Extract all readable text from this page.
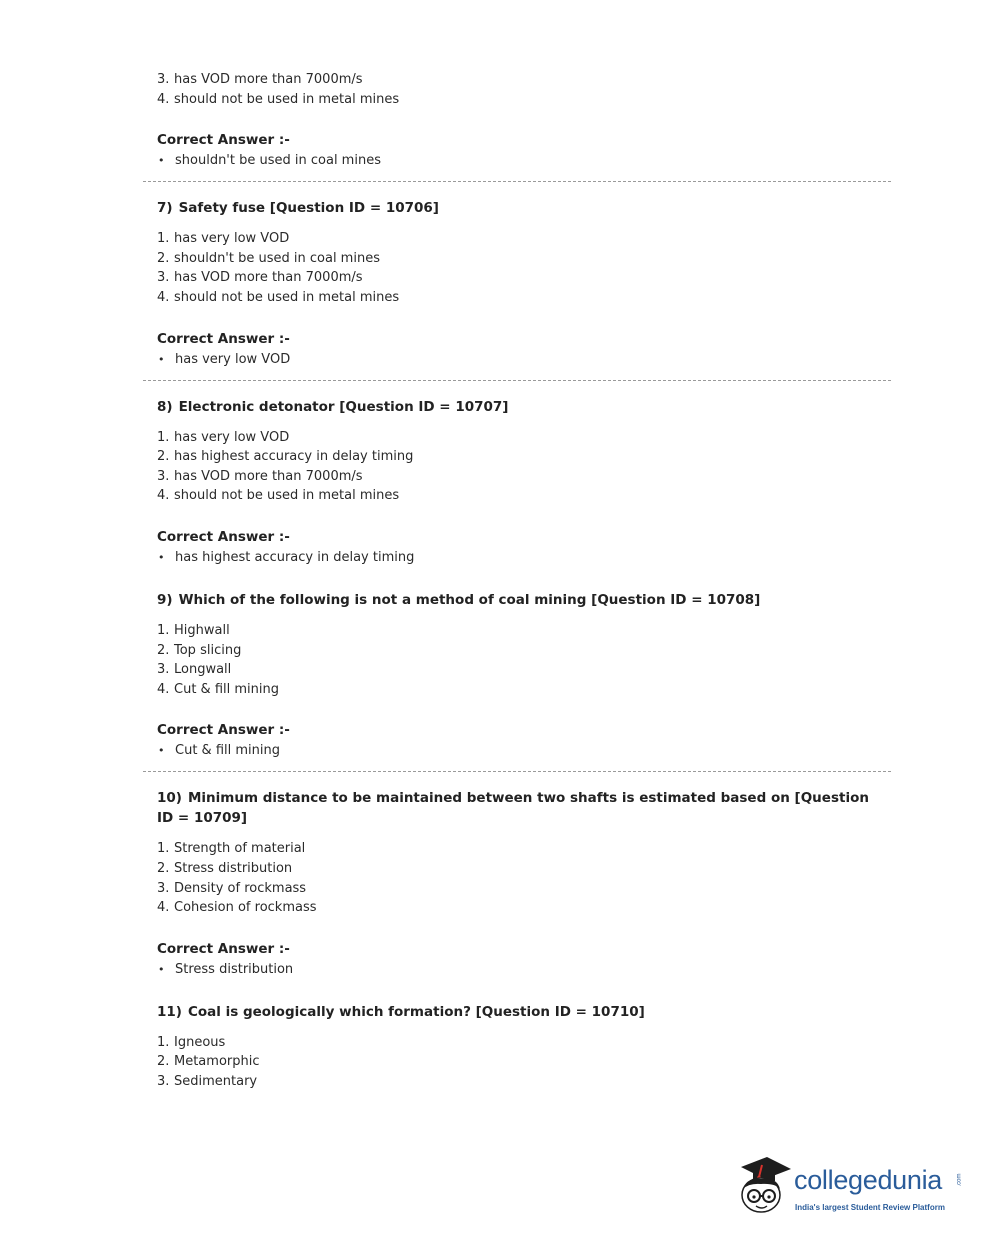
3. has VOD more than 7000m/s
4. should not be used in metal mines
Correct Answer :-
• shouldn't be used in coal mines
7) Safety fuse [Question ID = 10706]
1. has very low VOD
2. shouldn't be used in coal mines
3. has VOD more than 7000m/s
4. should not be used in metal mines
Correct Answer :-
• has very low VOD
8) Electronic detonator [Question ID = 10707]
1. has very low VOD
2. has highest accuracy in delay timing
3. has VOD more than 7000m/s
4. should not be used in metal mines
Correct Answer :-
• has highest accuracy in delay timing
9) Which of the following is not a method of coal mining [Question ID = 10708]
1. Highwall
2. Top slicing
3. Longwall
4. Cut & fill mining
Correct Answer :-
• Cut & fill mining
10) Minimum distance to be maintained between two shafts is estimated based on [Question ID = 10709]
1. Strength of material
2. Stress distribution
3. Density of rockmass
4. Cohesion of rockmass
Correct Answer :-
• Stress distribution
11) Coal is geologically which formation? [Question ID = 10710]
1. Igneous
2. Metamorphic
3. Sedimentary
collegedunia .com
India's largest Student Review Platform
